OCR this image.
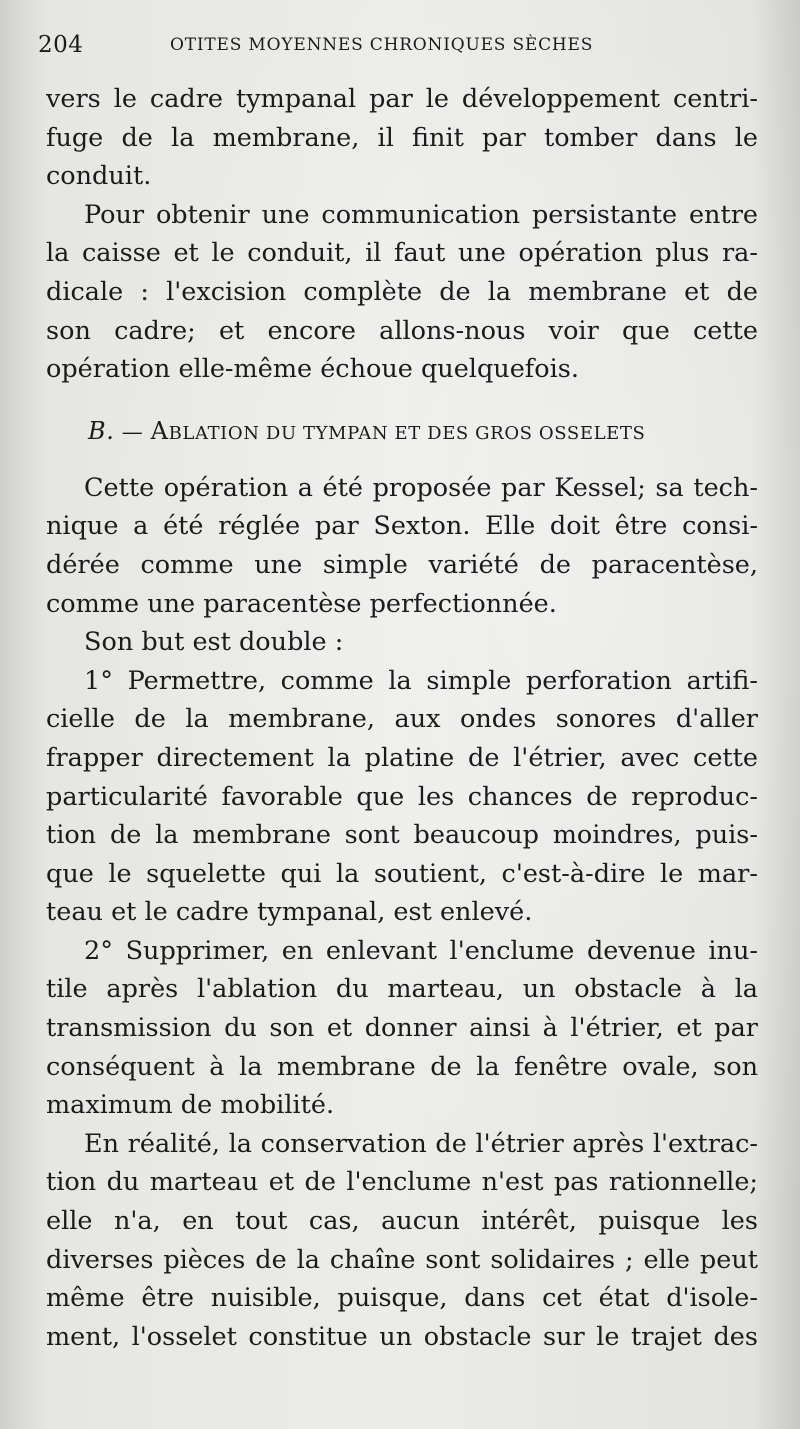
204	OTITES MOYENNES CHRONIQUES SÈCHES
vers le cadre tympanal par le développement centri-
fuge de la membrane, il finit par tomber dans le
conduit.
Pour obtenir une communication persistante entre
la caisse et le conduit, il faut une opération plus ra-
dicale : l'excision complète de la membrane et de
son cadre; et encore allons-nous voir que cette
opération elle-même échoue quelquefois.
B. — ABLATION DU TYMPAN ET DES GROS OSSELETS
Cette opération a été proposée par Kessel; sa tech-
nique a été réglée par Sexton. Elle doit être consi-
dérée comme une simple variété de paracentèse,
comme une paracentèse perfectionnée.
Son but est double :
1° Permettre, comme la simple perforation artifi-
cielle de la membrane, aux ondes sonores d'aller
frapper directement la platine de l'étrier, avec cette
particularité favorable que les chances de reproduc-
tion de la membrane sont beaucoup moindres, puis-
que le squelette qui la soutient, c'est-à-dire le mar-
teau et le cadre tympanal, est enlevé.
2° Supprimer, en enlevant l'enclume devenue inu-
tile après l'ablation du marteau, un obstacle à la
transmission du son et donner ainsi à l'étrier, et par
conséquent à la membrane de la fenêtre ovale, son
maximum de mobilité.
En réalité, la conservation de l'étrier après l'extrac-
tion du marteau et de l'enclume n'est pas rationnelle;
elle n'a, en tout cas, aucun intérêt, puisque les
diverses pièces de la chaîne sont solidaires ; elle peut
même être nuisible, puisque, dans cet état d'isole-
ment, l'osselet constitue un obstacle sur le trajet des
